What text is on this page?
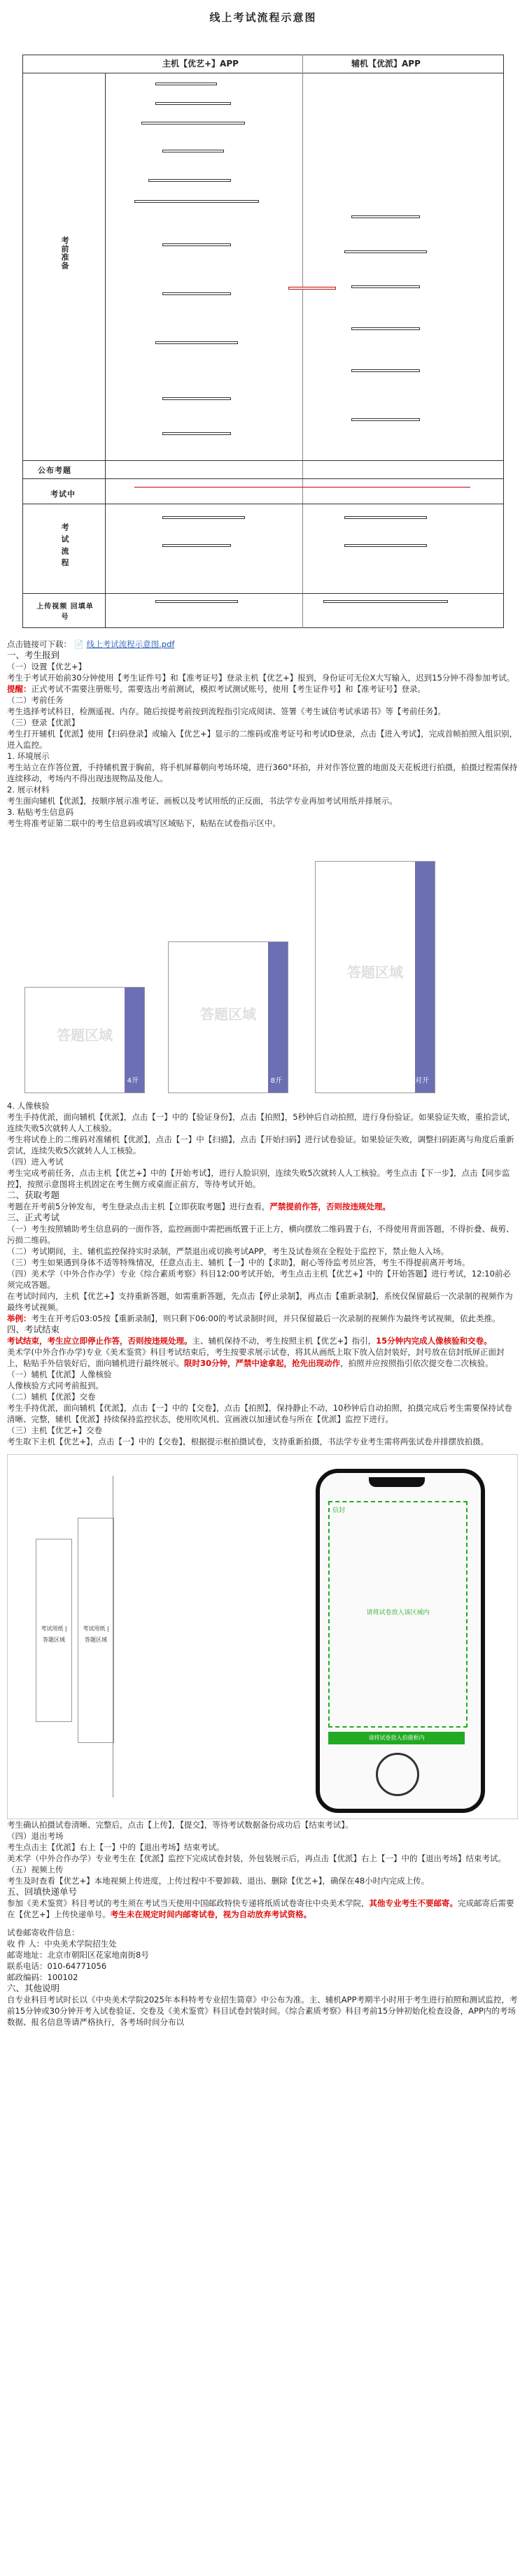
线上考试流程示意图
主机【优艺+】APP	辅机【优派】APP
考前准备
公布考题
考试中
考 试 流 程
上传视频 回填单号

点击链接可下载： 📄 线上考试流程示意图.pdf

一、考生报到

（一）设置【优艺+】

考生于考试开始前30分钟使用【考生证件号】和【准考证号】登录主机【优艺+】报到，身份证可无位X大写输入，迟到15分钟不得参加考试。

提醒：正式考试不需要注册账号，需要选出考前测试，模拟考试测试账号，使用【考生证件号】和【准考证号】登录。

（二）考前任务

考生选择考试科目，检测遥视、内存。随后按提考前按到流程指引完成阅读、签署《考生诚信考试承诺书》等【考前任务】。

（三）登录【优派】

考生打开辅机【优派】使用【扫码登录】或输入【优艺+】显示的二维码或准考证号和考试ID登录，点击【进入考试】，完成首帧拍照入组识别，进入监控。

1. 环境展示

考生站立在作答位置，手持辅机置于胸前，将手机屏幕朝向考场环境，进行360°环拍，并对作答位置的地面及天花板进行拍摄，拍摄过程需保持连续移动，考场内不得出现违规物品及他人。

2. 展示材料

考生面向辅机【优派】，按顺序展示准考证、画板以及考试用纸的正反面，书法学专业再加考试用纸并排展示。

3. 粘贴考生信息码

考生将准考证第二联中的考生信息码或填写区域贴下，粘贴在试卷指示区中。

答题区域
4开
答题区域
8开
答题区域
对开

4. 人像核验

考生手持优派，面向辅机【优派】，点击【一】中的【验证身份】，点击【拍照】，5秒钟后自动拍照，进行身份验证。如果验证失败，重拍尝试，连续失败5次就转人人工核验。

考生将试卷上的二维码对准辅机【优派】，点击【一】中【扫描】，点击【开始扫码】进行试卷验证。如果验证失败，调整扫码距离与角度后重新尝试，连续失败5次就转人人工核验。

（四）进入考试

考生完成考前任务，点击主机【优艺+】中的【开始考试】，进行人脸识别，连续失败5次就转人人工核验。考生点击【下一步】，点击【同步监控】，按照示意图将主机固定在考生侧方或桌面正前方，等待考试开始。

二、获取考题

考题在开考前5分钟发布，考生登录点击主机【立即获取考题】进行查看，严禁提前作答，否则按违规处理。

三、正式考试

（一）考生按照辅助考生信息码的一面作答，监控画面中需把画纸置于正上方，横向摆放二维码置于右，不得使用背面答题，不得折叠、裁剪、污损二维码。

（二）考试期间，主、辅机监控保持实时录制，严禁退出或切换考试APP，考生及试卷须在全程处于监控下，禁止他人入场。

（三）考生如果遇到身体不适等特殊情况，任意点击主、辅机【一】中的【求助】，耐心等待监考员应答，考生不得提前离开考场。

（四）美术学（中外合作办学）专业《综合素质考察》科目12:00考试开始，考生点击主机【优艺+】中的【开始答题】进行考试，12:10前必须完成答题。

在考试时间内，主机【优艺+】支持重新答题，如需重新答题，先点击【停止录制】，再点击【重新录制】，系统仅保留最后一次录制的视频作为最终考试视频。

举例：考生在开考后03:05按【重新录制】，则只剩下06:00的考试录制时间，并只保留最后一次录制的视频作为最终考试视频，依此类推。

四、考试结束

考试结束，考生应立即停止作答，否则按违规处理。主、辅机保持不动，考生按照主机【优艺+】指引，15分钟内完成人像核验和交卷。

美术学(中外合作办学)专业《美术鉴赏》科目考试结束后，考生按要求展示试卷，将其从画纸上取下放入信封装好，封号放在信封纸屏正面封上，粘贴手外信装好后，面向辅机进行最终展示。限时30分钟，严禁中途拿起，抢先出现动作，拍照并应按照指引依次提交卷二次核验。

（一）辅机【优派】人像核验

人像核验方式同考前报到。

（二）辅机【优派】交卷

考生手持优派，面向辅机【优派】，点击【一】中的【交卷】，点击【拍照】，保持静止不动，10秒钟后自动拍照，拍摄完成后考生需要保持试卷清晰、完整，辅机【优派】持续保持监控状态，使用吹风机、宣画液以加速试卷与所在【优派】监控下进行。

（三）主机【优艺+】交卷

考生取下主机【优艺+】，点击【一】中的【交卷】，根据提示框拍摄试卷，支持重新拍摄，书法学专业考生需将两张试卷并排摆放拍摄。

考试用纸 | 答题区域
考试用纸 | 答题区域
信封
请将试卷放入该区域内
请将试卷放入拍摄框内

考生确认拍摄试卷清晰、完整后，点击【上传】，【提交】，等待考试数据备份成功后【结束考试】。

（四）退出考场

考生点击主【优派】右上【一】中的【退出考场】结束考试。

美术学（中外合作办学）专业考生在【优派】监控下完成试卷封装，外包装展示后，再点击【优派】右上【一】中的【退出考场】结束考试。

（五）视频上传

考生及时查看【优艺+】本地视频上传进度，上传过程中不要卸载、退出、删除【优艺+】，确保在48小时内完成上传。

五、回填快递单号

参加《美术鉴赏》科目考试的考生须在考试当天使用中国邮政特快专递将纸质试卷寄往中央美术学院，其他专业考生不要邮寄。完成邮寄后需要在【优艺+】上传快递单号。考生未在规定时间内邮寄试卷，视为自动放弃考试资格。

试卷邮寄收件信息：

收 件 人：中央美术学院招生处

邮寄地址：北京市朝阳区花家地南街8号

联系电话：010-64771056

邮政编码：100102

六、其他说明

自专业科目考试时长以《中央美术学院2025年本科特考专业招生简章》中公布为准。主、辅机APP考期半小时用于考生进行拍照和测试监控，考前15分钟或30分钟开考入试卷验证、交卷及《美术鉴赏》科目试卷封装时间。《综合素质考察》科目考前15分钟初始化检查设备，APP内的考场数据、报名信息等请严格执行，各考场时间分布以
